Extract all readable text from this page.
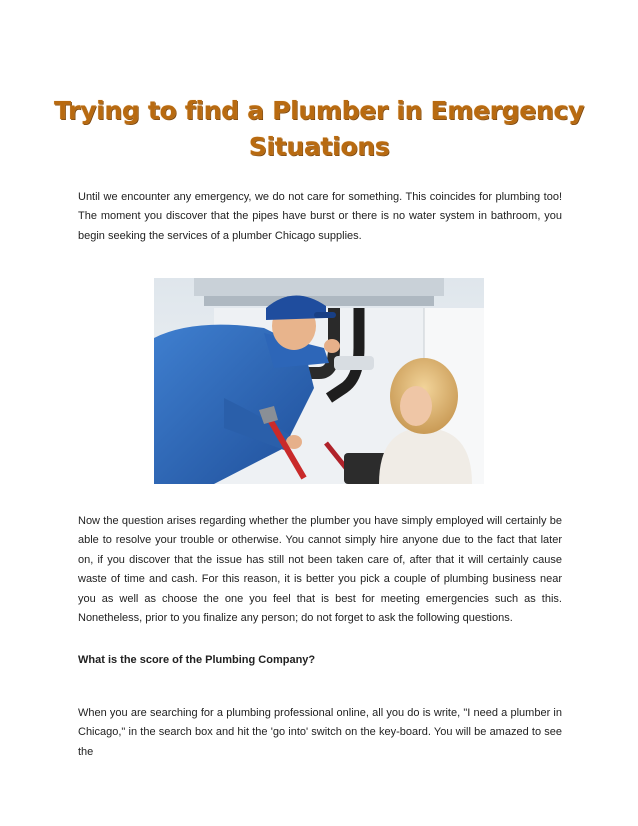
Trying to find a Plumber in Emergency Situations

Until we encounter any emergency, we do not care for something. This coincides for plumbing too! The moment you discover that the pipes have burst or there is no water system in bathroom, you begin seeking the services of a plumber Chicago supplies.

Now the question arises regarding whether the plumber you have simply employed will certainly be able to resolve your trouble or otherwise. You cannot simply hire anyone due to the fact that later on, if you discover that the issue has still not been taken care of, after that it will certainly cause waste of time and cash. For this reason, it is better you pick a couple of plumbing business near you as well as choose the one you feel that is best for meeting emergencies such as this. Nonetheless, prior to you finalize any person; do not forget to ask the following questions.

What is the score of the Plumbing Company?

When you are searching for a plumbing professional online, all you do is write, "I need a plumber in Chicago," in the search box and hit the 'go into' switch on the key-board. You will be amazed to see the
